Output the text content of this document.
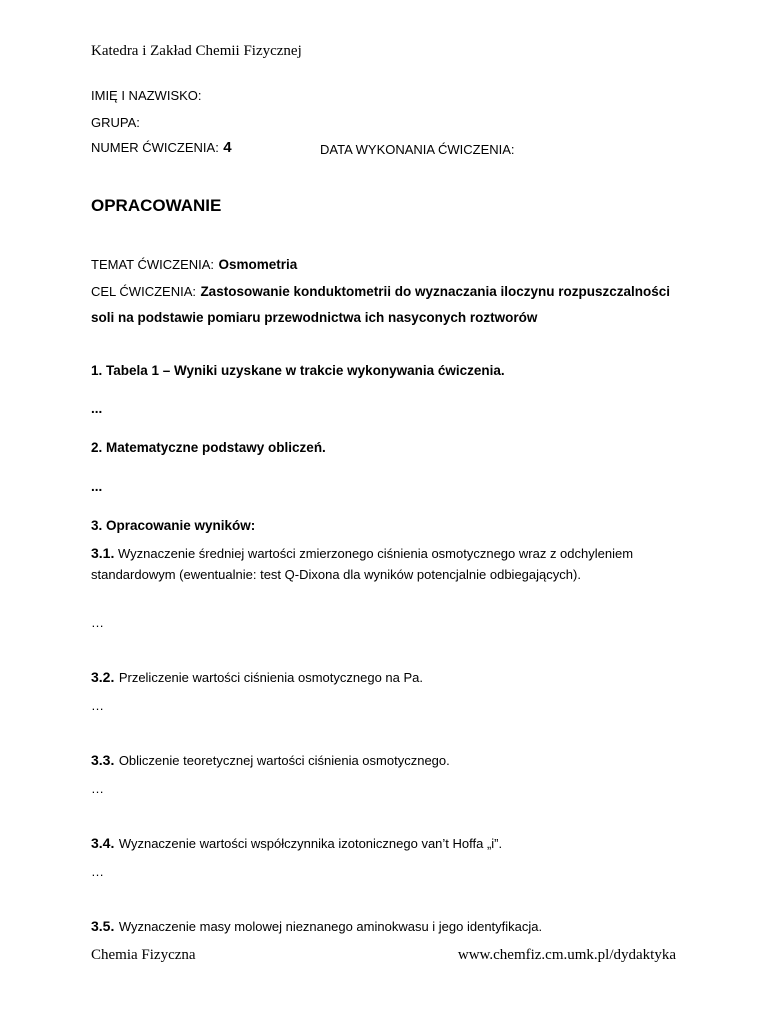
Katedra i Zakład Chemii Fizycznej
IMIĘ I NAZWISKO:
GRUPA:
NUMER ĆWICZENIA: 4	DATA WYKONANIA ĆWICZENIA:
OPRACOWANIE
TEMAT ĆWICZENIA: Osmometria
CEL ĆWICZENIA: Zastosowanie konduktometrii do wyznaczania iloczynu rozpuszczalności
soli na podstawie pomiaru przewodnictwa ich nasyconych roztworów
1. Tabela 1 – Wyniki uzyskane w trakcie wykonywania ćwiczenia.
...
2. Matematyczne podstawy obliczeń.
...
3. Opracowanie wyników:
3.1. Wyznaczenie średniej wartości zmierzonego ciśnienia osmotycznego wraz z odchyleniem standardowym (ewentualnie: test Q-Dixona dla wyników potencjalnie odbiegających).
…
3.2. Przeliczenie wartości ciśnienia osmotycznego na Pa.
…
3.3. Obliczenie teoretycznej wartości ciśnienia osmotycznego.
…
3.4. Wyznaczenie wartości współczynnika izotonicznego van’t Hoffa „i”.
…
3.5. Wyznaczenie masy molowej nieznanego aminokwasu i jego identyfikacja.
Chemia Fizyczna	www.chemfiz.cm.umk.pl/dydaktyka
